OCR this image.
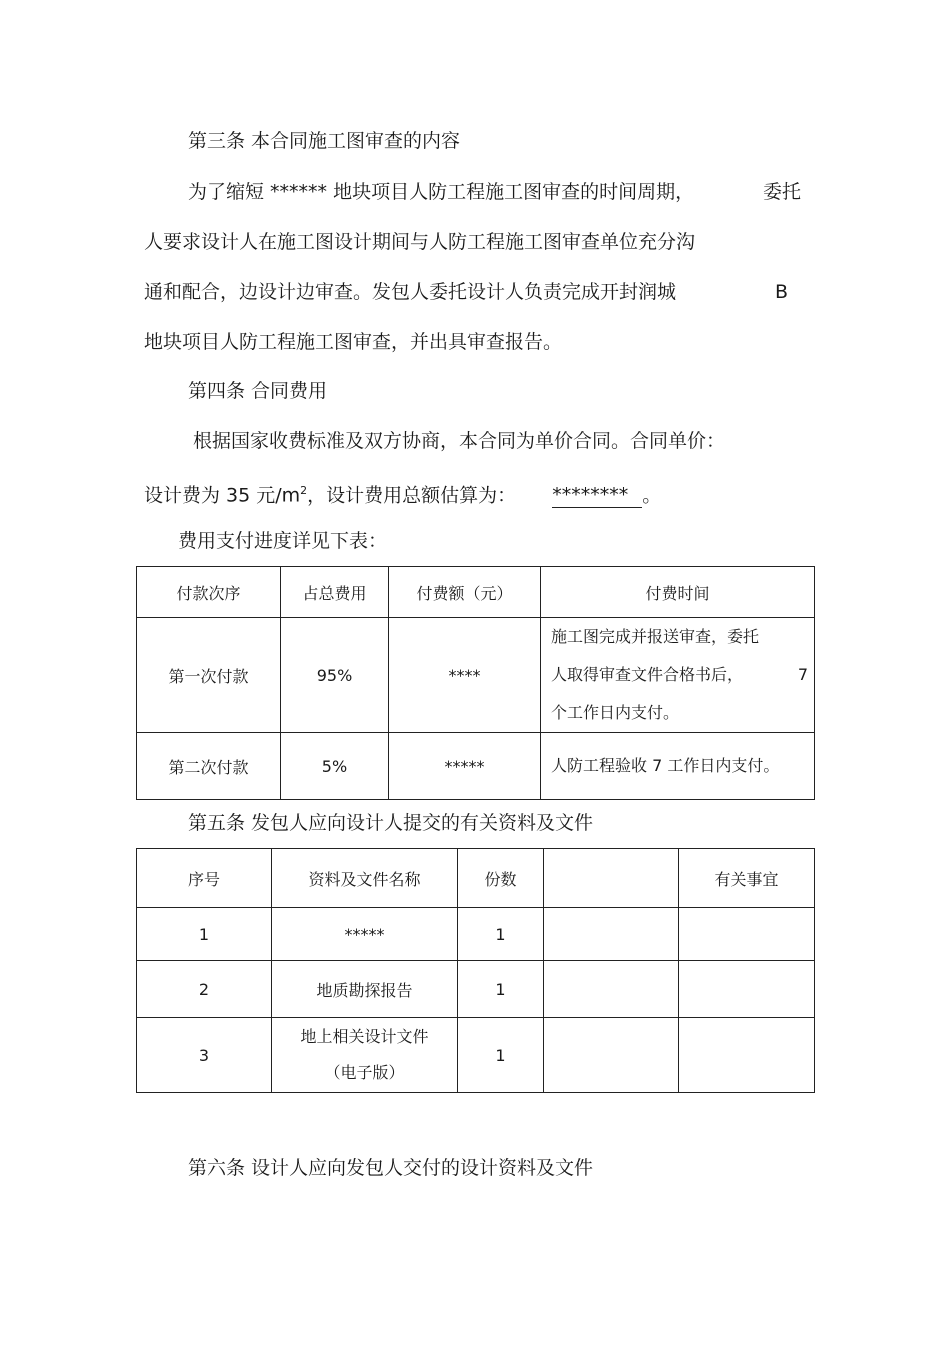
第三条 本合同施工图审查的内容
为了缩短 ****** 地块项目人防工程施工图审查的时间周期，	委托
人要求设计人在施工图设计期间与人防工程施工图审查单位充分沟
通和配合，边设计边审查。发包人委托设计人负责完成开封润城	B
地块项目人防工程施工图审查，并出具审查报告。
第四条 合同费用
根据国家收费标准及双方协商，本合同为单价合同。合同单价：
设计费为 35 元$/m^2$，设计费用总额估算为： ******** 。
费用支付进度详见下表：
付款次序	占总费用	付费额（元）	付费时间
第一次付款	95%	****	施工图完成并报送审查，委托
人取得审查文件合格书后， 7
个工作日内支付。

第二次付款	5%	*****	人防工程验收 7 工作日内支付。
第五条 发包人应向设计人提交的有关资料及文件
序号	资料及文件名称	份数		有关事宜
1	*****	1		
2	地质勘探报告	1		
3	地上相关设计文件
（电子版）	1		
第六条 设计人应向发包人交付的设计资料及文件
